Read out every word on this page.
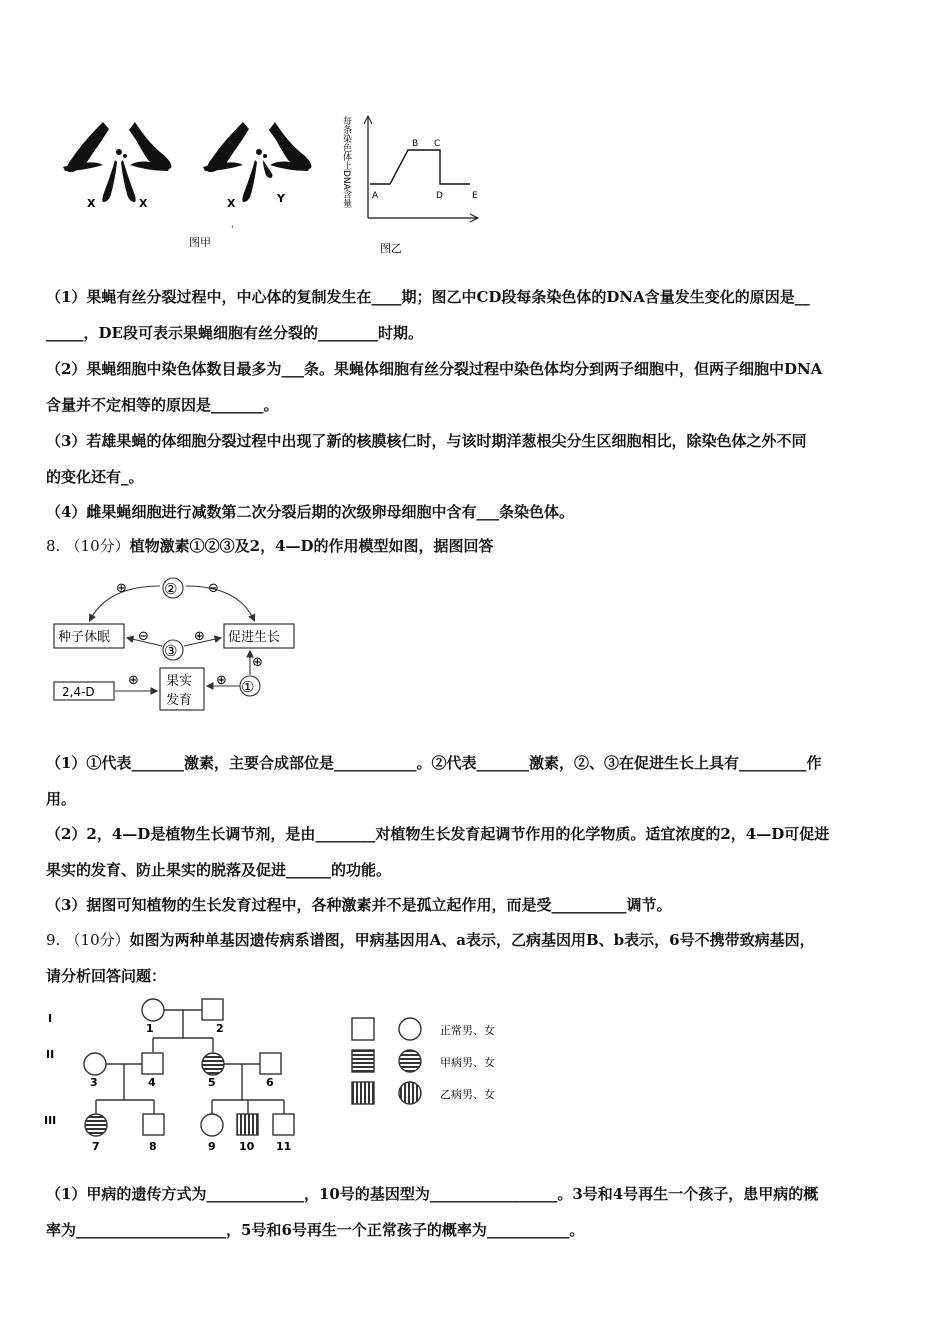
X	X	X	Y
图甲
'
每条染色体上DNA含量 A
B C
D	E
图乙
（1）果蝇有丝分裂过程中，中心体的复制发生在____期；图乙中CD段每条染色体的DNA含量发生变化的原因是__
_____，DE段可表示果蝇细胞有丝分裂的________时期。
（2）果蝇细胞中染色体数目最多为___条。果蝇体细胞有丝分裂过程中染色体均分到两子细胞中，但两子细胞中DNA
含量并不定相等的原因是_______。
（3）若雄果蝇的体细胞分裂过程中出现了新的核膜核仁时，与该时期洋葱根尖分生区细胞相比，除染色体之外不同
的变化还有_。
（4）雌果蝇细胞进行减数第二次分裂后期的次级卵母细胞中含有___条染色体。
8. （10分）植物激素①②③及2，4—D的作用模型如图，据图回答
种子休眠	促进生长
果实
发育
2,4-D
②
③
①
⊕	⊖
⊖	⊕
⊕
⊕	⊕
（1）①代表_______激素，主要合成部位是___________。②代表_______激素，②、③在促进生长上具有_________作
用。
（2）2，4—D是植物生长调节剂，是由________对植物生长发育起调节作用的化学物质。适宜浓度的2，4—D可促进
果实的发育、防止果实的脱落及促进______的功能。
（3）据图可知植物的生长发育过程中，各种激素并不是孤立起作用，而是受__________调节。
9. （10分）如图为两种单基因遗传病系谱图，甲病基因用A、a表示，乙病基因用B、b表示，6号不携带致病基因，
请分析回答问题：
I
II
III
1	2
3	4	5	6
7	8	9 10 11
正常男、女
甲病男、女
乙病男、女
（1）甲病的遗传方式为_____________，10号的基因型为_________________。3号和4号再生一个孩子，患甲病的概
率为____________________，5号和6号再生一个正常孩子的概率为___________。
